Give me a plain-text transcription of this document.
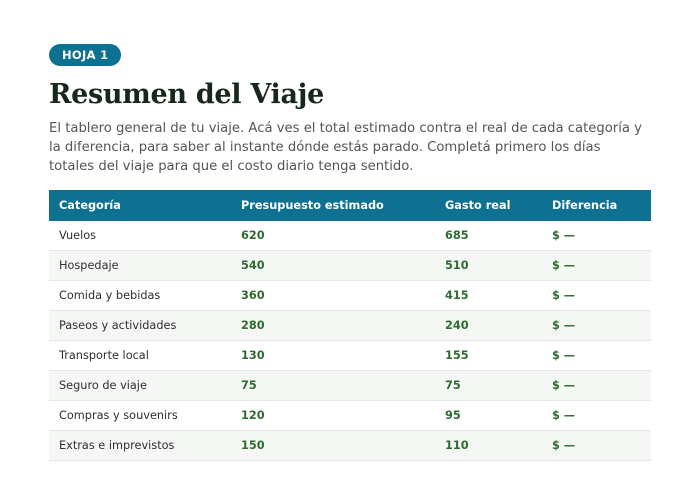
HOJA 1
Resumen del Viaje

El tablero general de tu viaje. Acá ves el total estimado contra el real de cada categoría y la diferencia, para saber al instante dónde estás parado. Completá primero los días totales del viaje para que el costo diario tenga sentido.

Categoría	Presupuesto estimado	Gasto real	Diferencia
Vuelos	620	685	$ —
Hospedaje	540	510	$ —
Comida y bebidas	360	415	$ —
Paseos y actividades	280	240	$ —
Transporte local	130	155	$ —
Seguro de viaje	75	75	$ —
Compras y souvenirs	120	95	$ —
Extras e imprevistos	150	110	$ —
